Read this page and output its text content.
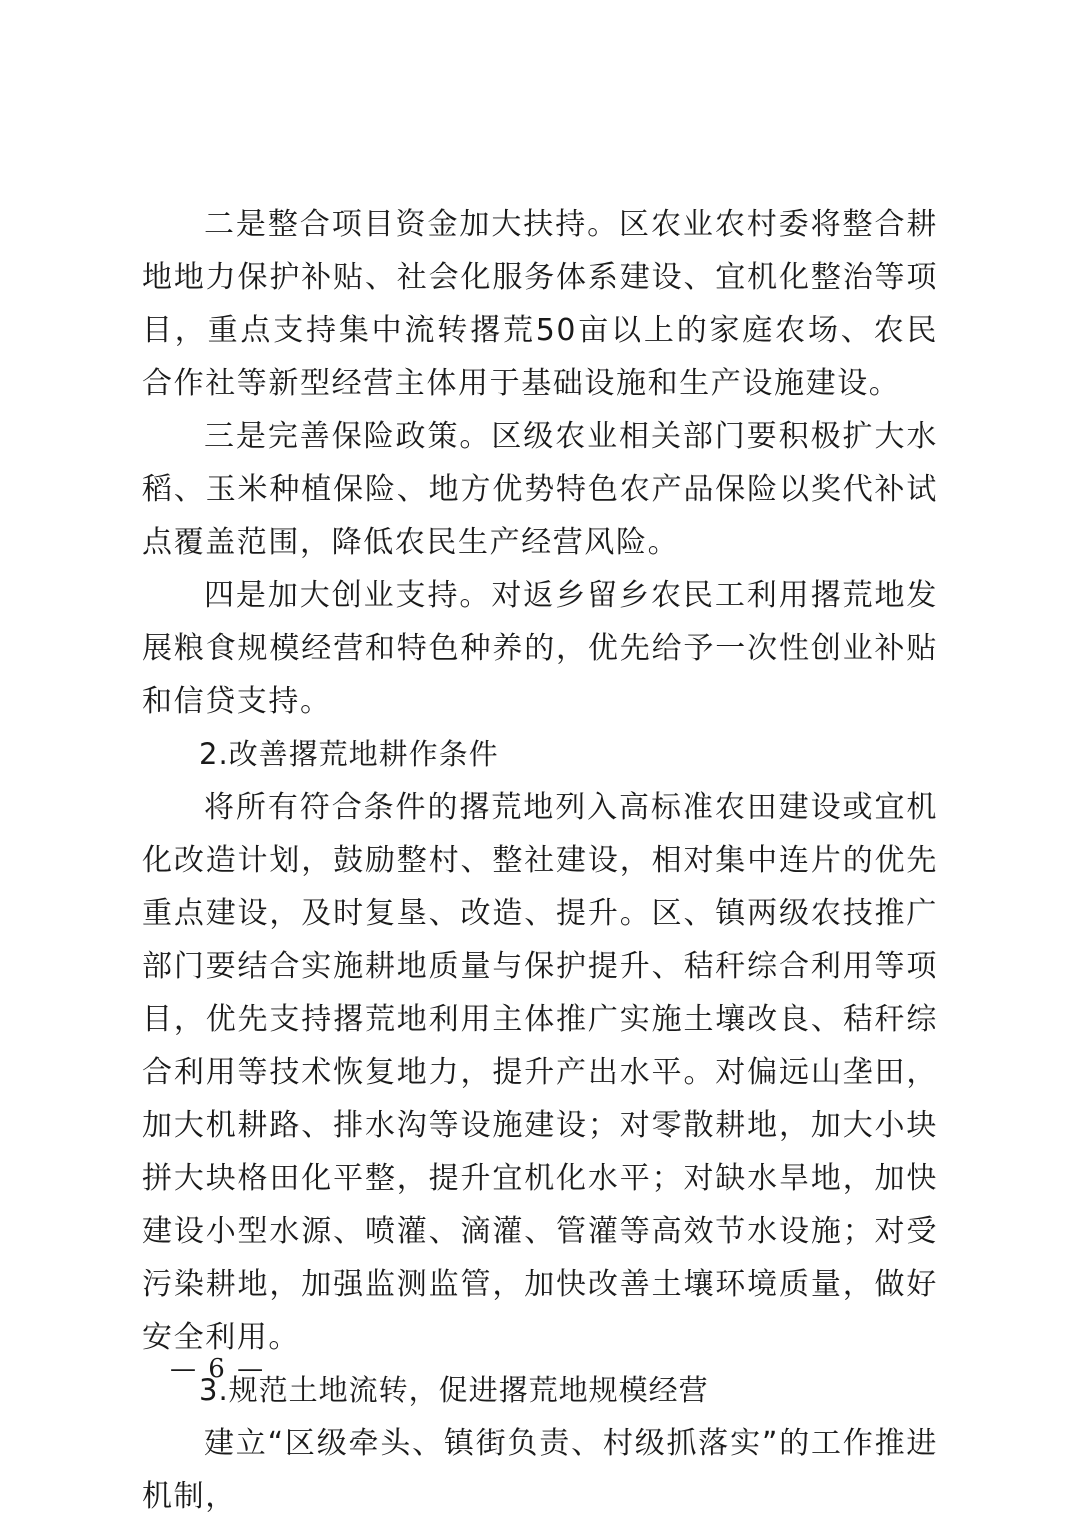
二是整合项目资金加大扶持。区农业农村委将整合耕地地力保护补贴、社会化服务体系建设、宜机化整治等项目，重点支持集中流转撂荒50亩以上的家庭农场、农民合作社等新型经营主体用于基础设施和生产设施建设。

三是完善保险政策。区级农业相关部门要积极扩大水稻、玉米种植保险、地方优势特色农产品保险以奖代补试点覆盖范围，降低农民生产经营风险。

四是加大创业支持。对返乡留乡农民工利用撂荒地发展粮食规模经营和特色种养的，优先给予一次性创业补贴和信贷支持。

2.改善撂荒地耕作条件

将所有符合条件的撂荒地列入高标准农田建设或宜机化改造计划，鼓励整村、整社建设，相对集中连片的优先重点建设，及时复垦、改造、提升。区、镇两级农技推广部门要结合实施耕地质量与保护提升、秸秆综合利用等项目，优先支持撂荒地利用主体推广实施土壤改良、秸秆综合利用等技术恢复地力，提升产出水平。对偏远山垄田，加大机耕路、排水沟等设施建设；对零散耕地，加大小块拼大块格田化平整，提升宜机化水平；对缺水旱地，加快建设小型水源、喷灌、滴灌、管灌等高效节水设施；对受污染耕地，加强监测监管，加快改善土壤环境质量，做好安全利用。

3.规范土地流转，促进撂荒地规模经营

建立“区级牵头、镇街负责、村级抓落实”的工作推进机制，

— 6 —
